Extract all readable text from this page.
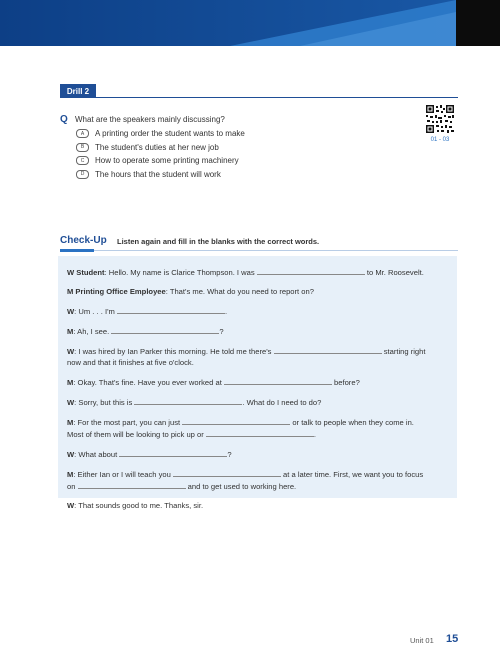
Drill 2
Q What are the speakers mainly discussing?
A	A printing order the student wants to make
B	The student's duties at her new job
C	How to operate some printing machinery
D	The hours that the student will work
01 - 03
Check-Up Listen again and fill in the blanks with the correct words.
W Student: Hello. My name is Clarice Thompson. I was	to Mr. Roosevelt.
M Printing Office Employee: That's me. What do you need to report on?
W: Um . . . I'm	.
M: Ah, I see.	?
W: I was hired by Ian Parker this morning. He told me there's	starting right
now and that it finishes at five o'clock.
M: Okay. That's fine. Have you ever worked at	before?
W: Sorry, but this is	. What do I need to do?
M: For the most part, you can just	or talk to people when they come in.
Most of them will be looking to pick up or	.
W: What about	?
M: Either Ian or I will teach you	at a later time. First, we want you to focus
on	and to get used to working here.
W: That sounds good to me. Thanks, sir.
Unit 01 15
